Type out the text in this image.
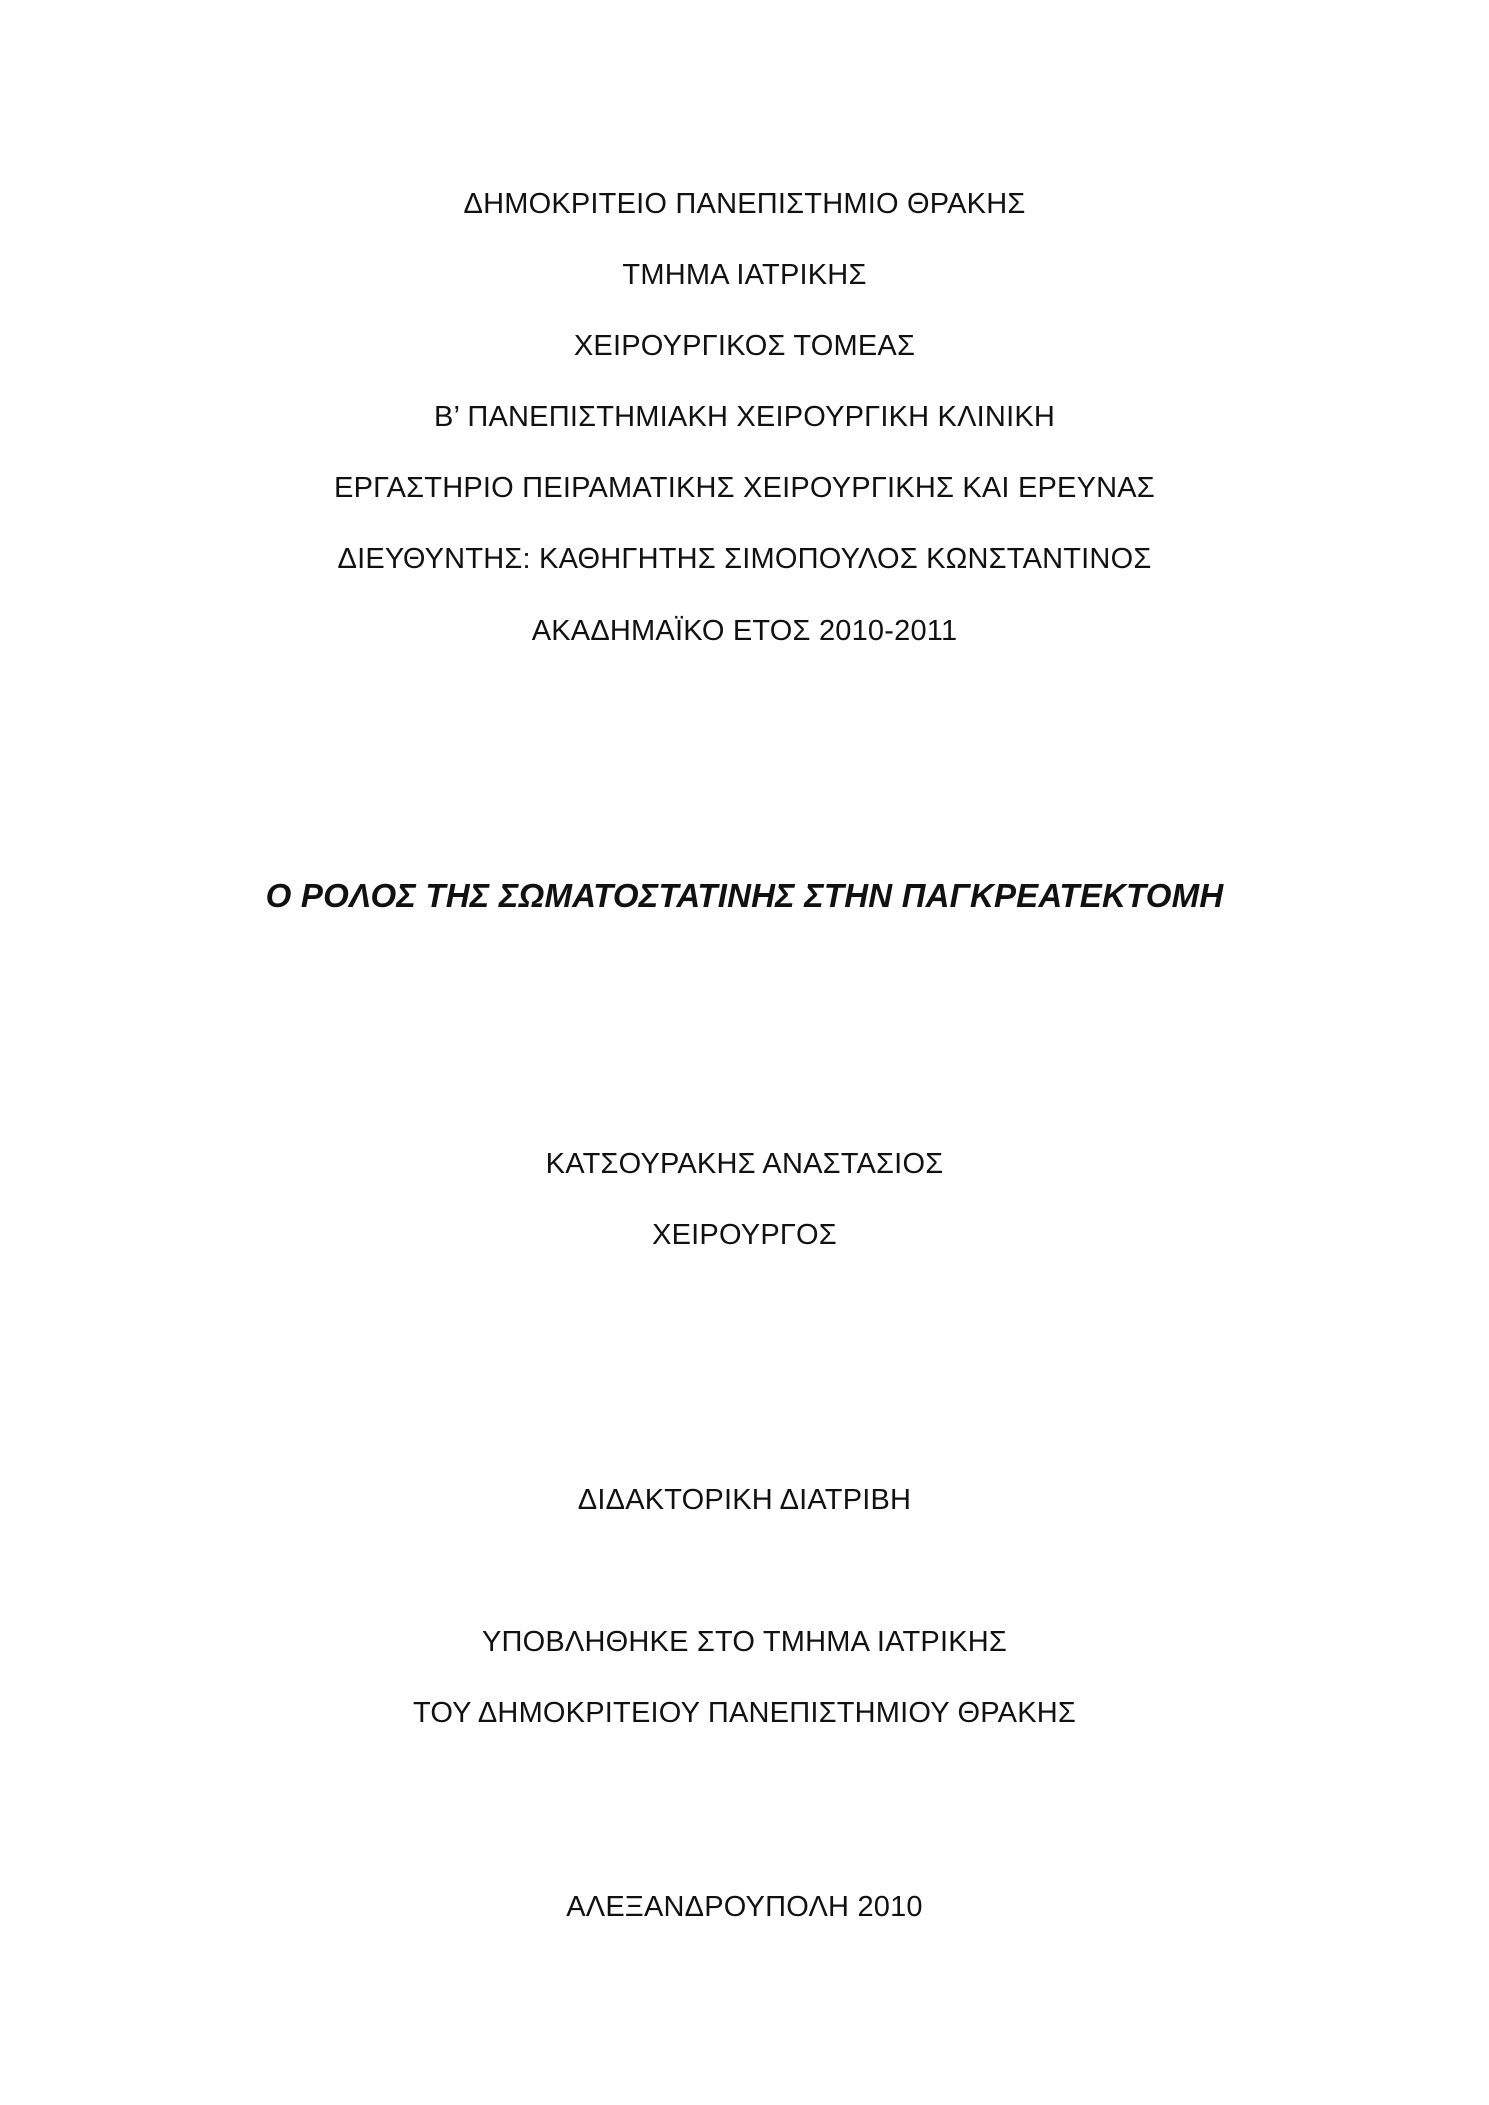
ΔΗΜΟΚΡΙΤΕΙΟ ΠΑΝΕΠΙΣΤΗΜΙΟ ΘΡΑΚΗΣ
ΤΜΗΜΑ ΙΑΤΡΙΚΗΣ
ΧΕΙΡΟΥΡΓΙΚΟΣ ΤΟΜΕΑΣ
Β’ ΠΑΝΕΠΙΣΤΗΜΙΑΚΗ ΧΕΙΡΟΥΡΓΙΚΗ ΚΛΙΝΙΚΗ
ΕΡΓΑΣΤΗΡΙΟ ΠΕΙΡΑΜΑΤΙΚΗΣ ΧΕΙΡΟΥΡΓΙΚΗΣ ΚΑΙ ΕΡΕΥΝΑΣ
ΔΙΕΥΘΥΝΤΗΣ: ΚΑΘΗΓΗΤΗΣ ΣΙΜΟΠΟΥΛΟΣ ΚΩΝΣΤΑΝΤΙΝΟΣ
ΑΚΑΔΗΜΑΪΚΟ ΕΤΟΣ 2010-2011
Ο ΡΟΛΟΣ ΤΗΣ ΣΩΜΑΤΟΣΤΑΤΙΝΗΣ ΣΤΗΝ ΠΑΓΚΡΕΑΤΕΚΤΟΜΗ
ΚΑΤΣΟΥΡΑΚΗΣ ΑΝΑΣΤΑΣΙΟΣ
ΧΕΙΡΟΥΡΓΟΣ
ΔΙΔΑΚΤΟΡΙΚΗ ΔΙΑΤΡΙΒΗ
ΥΠΟΒΛΗΘΗΚΕ ΣΤΟ ΤΜΗΜΑ ΙΑΤΡΙΚΗΣ
ΤΟΥ ΔΗΜΟΚΡΙΤΕΙΟΥ ΠΑΝΕΠΙΣΤΗΜΙΟΥ ΘΡΑΚΗΣ
ΑΛΕΞΑΝΔΡΟΥΠΟΛΗ 2010
